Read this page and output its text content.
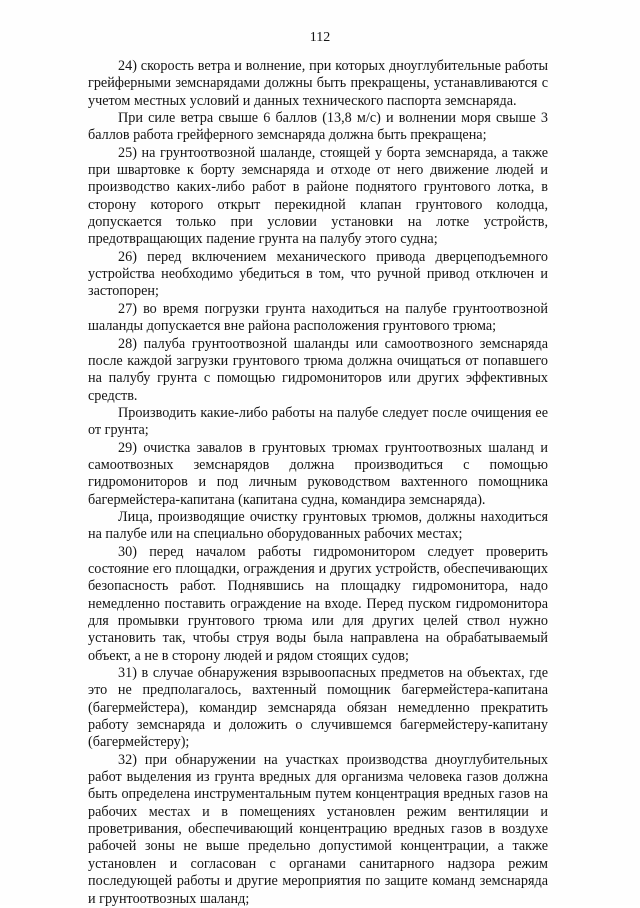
112

24) скорость ветра и волнение, при которых дноуглубительные работы грейферными земснарядами должны быть прекращены, устанавливаются с учетом местных условий и данных технического паспорта земснаряда.

При силе ветра свыше 6 баллов (13,8 м/с) и волнении моря свыше 3 баллов работа грейферного земснаряда должна быть прекращена;

25) на грунтоотвозной шаланде, стоящей у борта земснаряда, а также при швартовке к борту земснаряда и отходе от него движение людей и производство каких-либо работ в районе поднятого грунтового лотка, в сторону которого открыт перекидной клапан грунтового колодца, допускается только при условии установки на лотке устройств, предотвращающих падение грунта на палубу этого судна;

26) перед включением механического привода дверцеподъемного устройства необходимо убедиться в том, что ручной привод отключен и застопорен;

27) во время погрузки грунта находиться на палубе грунтоотвозной шаланды допускается вне района расположения грунтового трюма;

28) палуба грунтоотвозной шаланды или самоотвозного земснаряда после каждой загрузки грунтового трюма должна очищаться от попавшего на палубу грунта с помощью гидромониторов или других эффективных средств.

Производить какие-либо работы на палубе следует после очищения ее от грунта;

29) очистка завалов в грунтовых трюмах грунтоотвозных шаланд и самоотвозных земснарядов должна производиться с помощью гидромониторов и под личным руководством вахтенного помощника багермейстера-капитана (капитана судна, командира земснаряда).

Лица, производящие очистку грунтовых трюмов, должны находиться на палубе или на специально оборудованных рабочих местах;

30) перед началом работы гидромонитором следует проверить состояние его площадки, ограждения и других устройств, обеспечивающих безопасность работ. Поднявшись на площадку гидромонитора, надо немедленно поставить ограждение на входе. Перед пуском гидромонитора для промывки грунтового трюма или для других целей ствол нужно установить так, чтобы струя воды была направлена на обрабатываемый объект, а не в сторону людей и рядом стоящих судов;

31) в случае обнаружения взрывоопасных предметов на объектах, где это не предполагалось, вахтенный помощник багермейстера-капитана (багермейстера), командир земснаряда обязан немедленно прекратить работу земснаряда и доложить о случившемся багермейстеру-капитану (багермейстеру);

32) при обнаружении на участках производства дноуглубительных работ выделения из грунта вредных для организма человека газов должна быть определена инструментальным путем концентрация вредных газов на рабочих местах и в помещениях установлен режим вентиляции и проветривания, обеспечивающий концентрацию вредных газов в воздухе рабочей зоны не выше предельно допустимой концентрации, а также установлен и согласован с органами санитарного надзора режим последующей работы и другие мероприятия по защите команд земснаряда и грунтоотвозных шаланд;
